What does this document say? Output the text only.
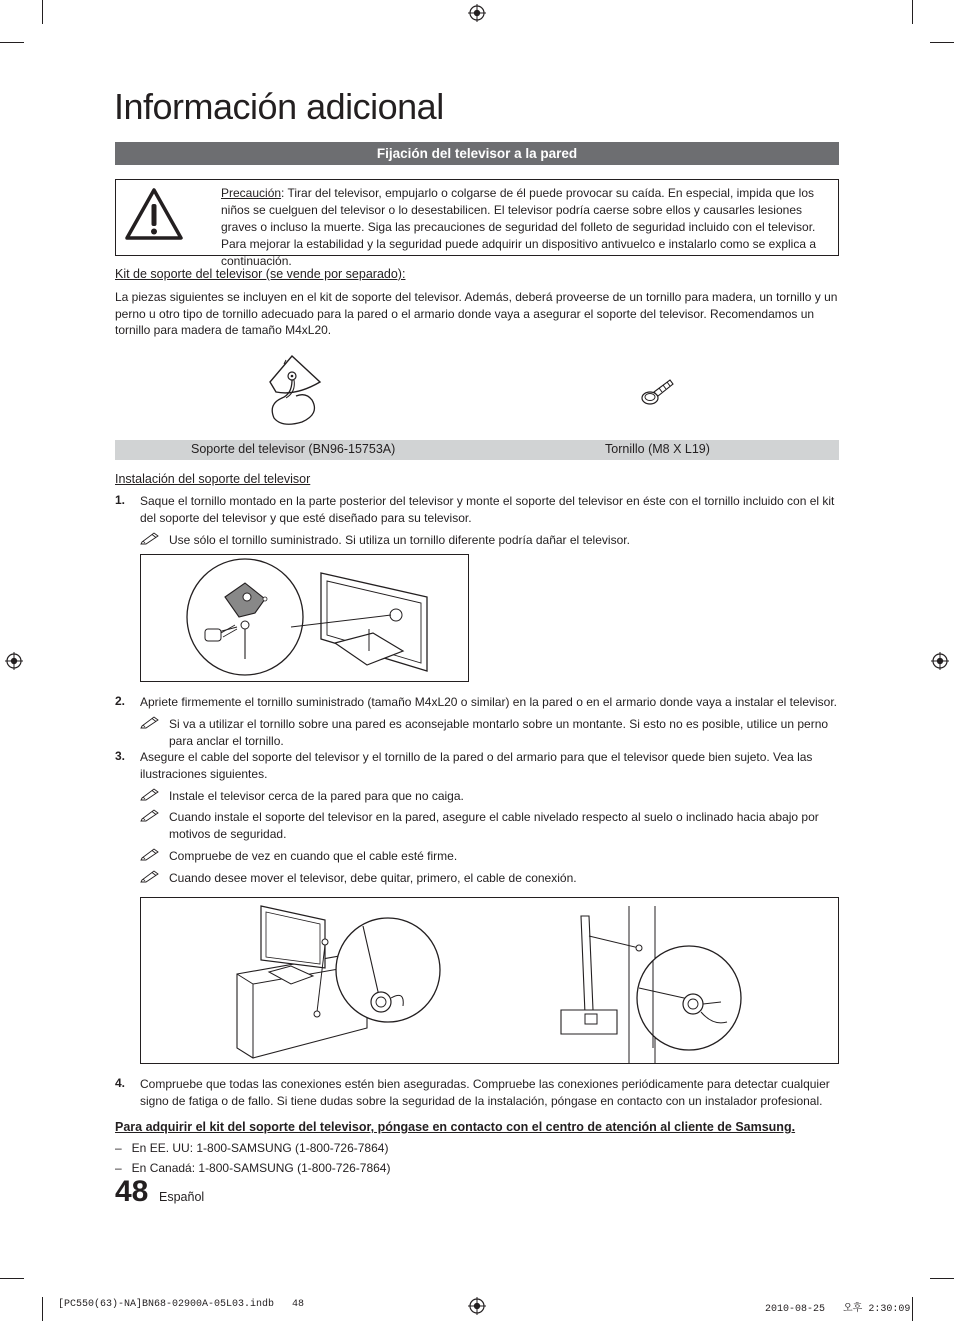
Información adicional
Fijación del televisor a la pared
Precaución: Tirar del televisor, empujarlo o colgarse de él puede provocar su caída. En especial, impida que los niños se cuelguen del televisor o lo desestabilicen. El televisor podría caerse sobre ellos y causarles lesiones graves o incluso la muerte. Siga las precauciones de seguridad del folleto de seguridad incluido con el televisor. Para mejorar la estabilidad y la seguridad puede adquirir un dispositivo antivuelco e instalarlo como se explica a continuación.
Kit de soporte del televisor (se vende por separado):
La piezas siguientes se incluyen en el kit de soporte del televisor. Además, deberá proveerse de un tornillo para madera, un tornillo y un perno u otro tipo de tornillo adecuado para la pared o el armario donde vaya a asegurar el soporte del televisor. Recomendamos un tornillo para madera de tamaño M4xL20.
Soporte del televisor (BN96-15753A)	Tornillo (M8 X L19)
Instalación del soporte del televisor
1. Saque el tornillo montado en la parte posterior del televisor y monte el soporte del televisor en éste con el tornillo incluido con el kit del soporte del televisor y que esté diseñado para su televisor.
Use sólo el tornillo suministrado. Si utiliza un tornillo diferente podría dañar el televisor.
2. Apriete firmemente el tornillo suministrado (tamaño M4xL20 o similar) en la pared o en el armario donde vaya a instalar el televisor.
Si va a utilizar el tornillo sobre una pared es aconsejable montarlo sobre un montante. Si esto no es posible, utilice un perno para anclar el tornillo.
3. Asegure el cable del soporte del televisor y el tornillo de la pared o del armario para que el televisor quede bien sujeto. Vea las ilustraciones siguientes.
Instale el televisor cerca de la pared para que no caiga.
Cuando instale el soporte del televisor en la pared, asegure el cable nivelado respecto al suelo o inclinado hacia abajo por motivos de seguridad.
Compruebe de vez en cuando que el cable esté firme.
Cuando desee mover el televisor, debe quitar, primero, el cable de conexión.
4. Compruebe que todas las conexiones estén bien aseguradas. Compruebe las conexiones periódicamente para detectar cualquier signo de fatiga o de fallo. Si tiene dudas sobre la seguridad de la instalación, póngase en contacto con un instalador profesional.
Para adquirir el kit del soporte del televisor, póngase en contacto con el centro de atención al cliente de Samsung.
–   En EE. UU: 1-800-SAMSUNG (1-800-726-7864)
–   En Canadá: 1-800-SAMSUNG (1-800-726-7864)
48 Español
[PC550(63)-NA]BN68-02900A-05L03.indb   48	2010-08-25   오후 2:30:09
